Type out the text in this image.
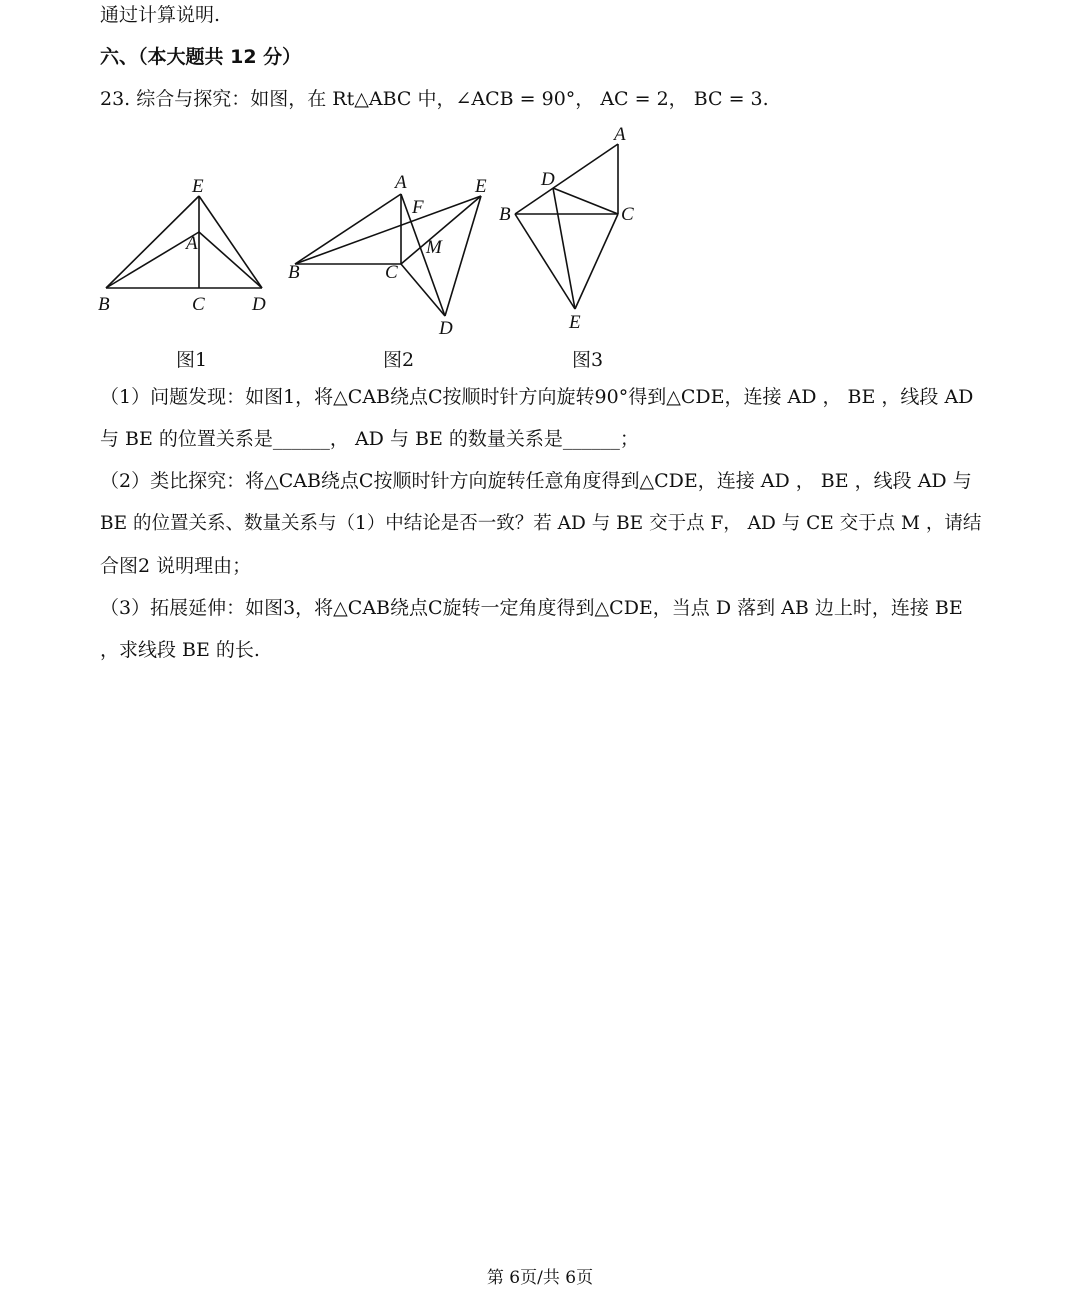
通过计算说明.
六、（本大题共 12 分）
23. 综合与探究：如图，在 Rt△ABC 中，∠ACB = 90°， AC = 2， BC = 3.
E
A
B	C D
图1
A	E
F
M
B	C
D
图2
A
D
B	C
E
图3
（1）问题发现：如图1，将△CAB绕点C按顺时针方向旋转90°得到△CDE，连接 AD ， BE ，线段 AD
与 BE 的位置关系是______， AD 与 BE 的数量关系是______；
（2）类比探究：将△CAB绕点C按顺时针方向旋转任意角度得到△CDE，连接 AD ， BE ，线段 AD 与
BE 的位置关系、数量关系与（1）中结论是否一致？若 AD 与 BE 交于点 F， AD 与 CE 交于点 M ，请结
合图2 说明理由；
（3）拓展延伸：如图3，将△CAB绕点C旋转一定角度得到△CDE，当点 D 落到 AB 边上时，连接 BE
，求线段 BE 的长.
第 6页/共 6页
